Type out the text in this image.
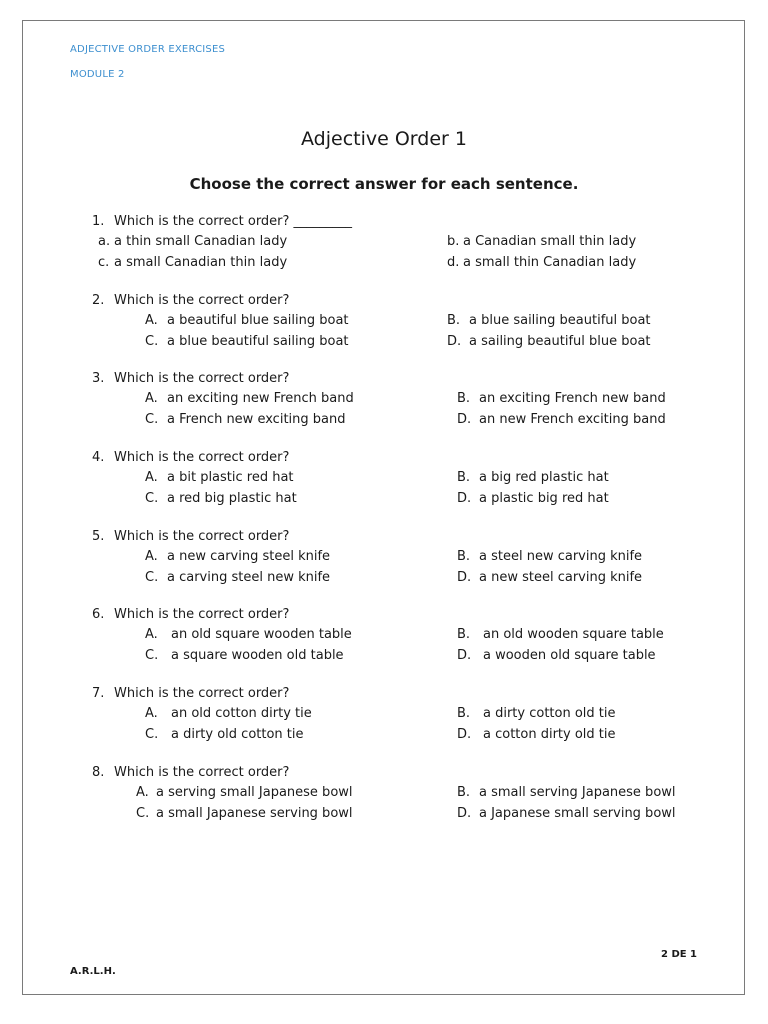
ADJECTIVE ORDER EXERCISES
MODULE 2
Adjective Order 1
Choose the correct answer for each sentence.
1. Which is the correct order? _________
a. a thin small Canadian lady	b. a Canadian small thin lady
c. a small Canadian thin lady	d. a small thin Canadian lady
2. Which is the correct order?
A. a beautiful blue sailing boat	B. a blue sailing beautiful boat
C. a blue beautiful sailing boat	D. a sailing beautiful blue boat
3. Which is the correct order?
A. an exciting new French band	B. an exciting French new band
C. a French new exciting band	D. an new French exciting band
4. Which is the correct order?
A. a bit plastic red hat	B. a big red plastic hat
C. a red big plastic hat	D. a plastic big red hat
5. Which is the correct order?
A. a new carving steel knife	B. a steel new carving knife
C. a carving steel new knife	D. a new steel carving knife
6. Which is the correct order?
A. an old square wooden table	B. an old wooden square table
C. a square wooden old table	D. a wooden old square table
7. Which is the correct order?
A. an old cotton dirty tie	B. a dirty cotton old tie
C. a dirty old cotton tie	D. a cotton dirty old tie
8. Which is the correct order?
A. a serving small Japanese bowl	B. a small serving Japanese bowl
C. a small Japanese serving bowl	D. a Japanese small serving bowl
2 DE 1
A.R.L.H.
